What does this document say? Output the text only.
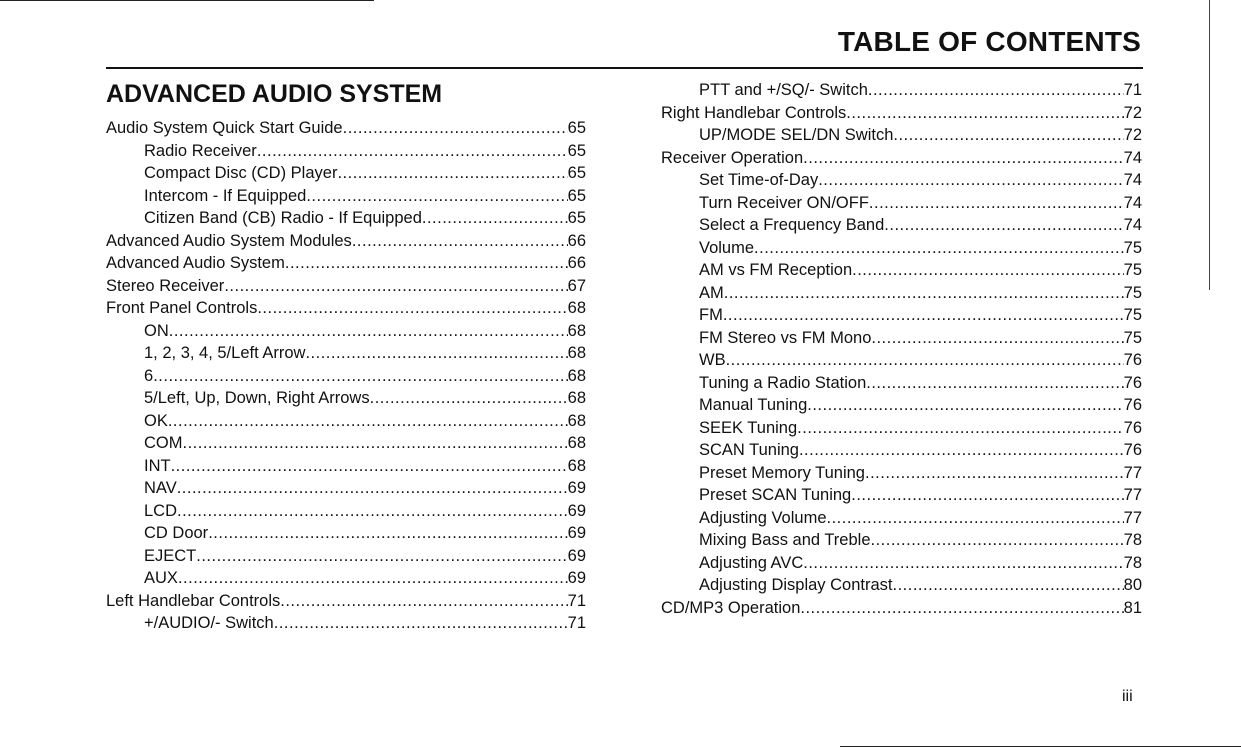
TABLE OF CONTENTS
ADVANCED AUDIO SYSTEM
Audio System Quick Start Guide .....	65
Radio Receiver .....	65
Compact Disc (CD) Player .....	65
Intercom - If Equipped .....	65
Citizen Band (CB) Radio - If Equipped .....	65
Advanced Audio System Modules .....	66
Advanced Audio System .....	66
Stereo Receiver .....	67
Front Panel Controls .....	68
ON .....	68
1, 2, 3, 4, 5/Left Arrow .....	68
6 .....	68
5/Left, Up, Down, Right Arrows .....	68
OK .....	68
COM .....	68
INT .....	68
NAV .....	69
LCD .....	69
CD Door .....	69
EJECT .....	69
AUX .....	69
Left Handlebar Controls .....	71
+/AUDIO/- Switch .....	71
PTT and +/SQ/- Switch .....	71
Right Handlebar Controls .....	72
UP/MODE SEL/DN Switch .....	72
Receiver Operation .....	74
Set Time-of-Day .....	74
Turn Receiver ON/OFF .....	74
Select a Frequency Band .....	74
Volume .....	75
AM vs FM Reception .....	75
AM .....	75
FM .....	75
FM Stereo vs FM Mono .....	75
WB .....	76
Tuning a Radio Station .....	76
Manual Tuning .....	76
SEEK Tuning .....	76
SCAN Tuning .....	76
Preset Memory Tuning .....	77
Preset SCAN Tuning .....	77
Adjusting Volume .....	77
Mixing Bass and Treble .....	78
Adjusting AVC .....	78
Adjusting Display Contrast .....	80
CD/MP3 Operation .....	81
iii
